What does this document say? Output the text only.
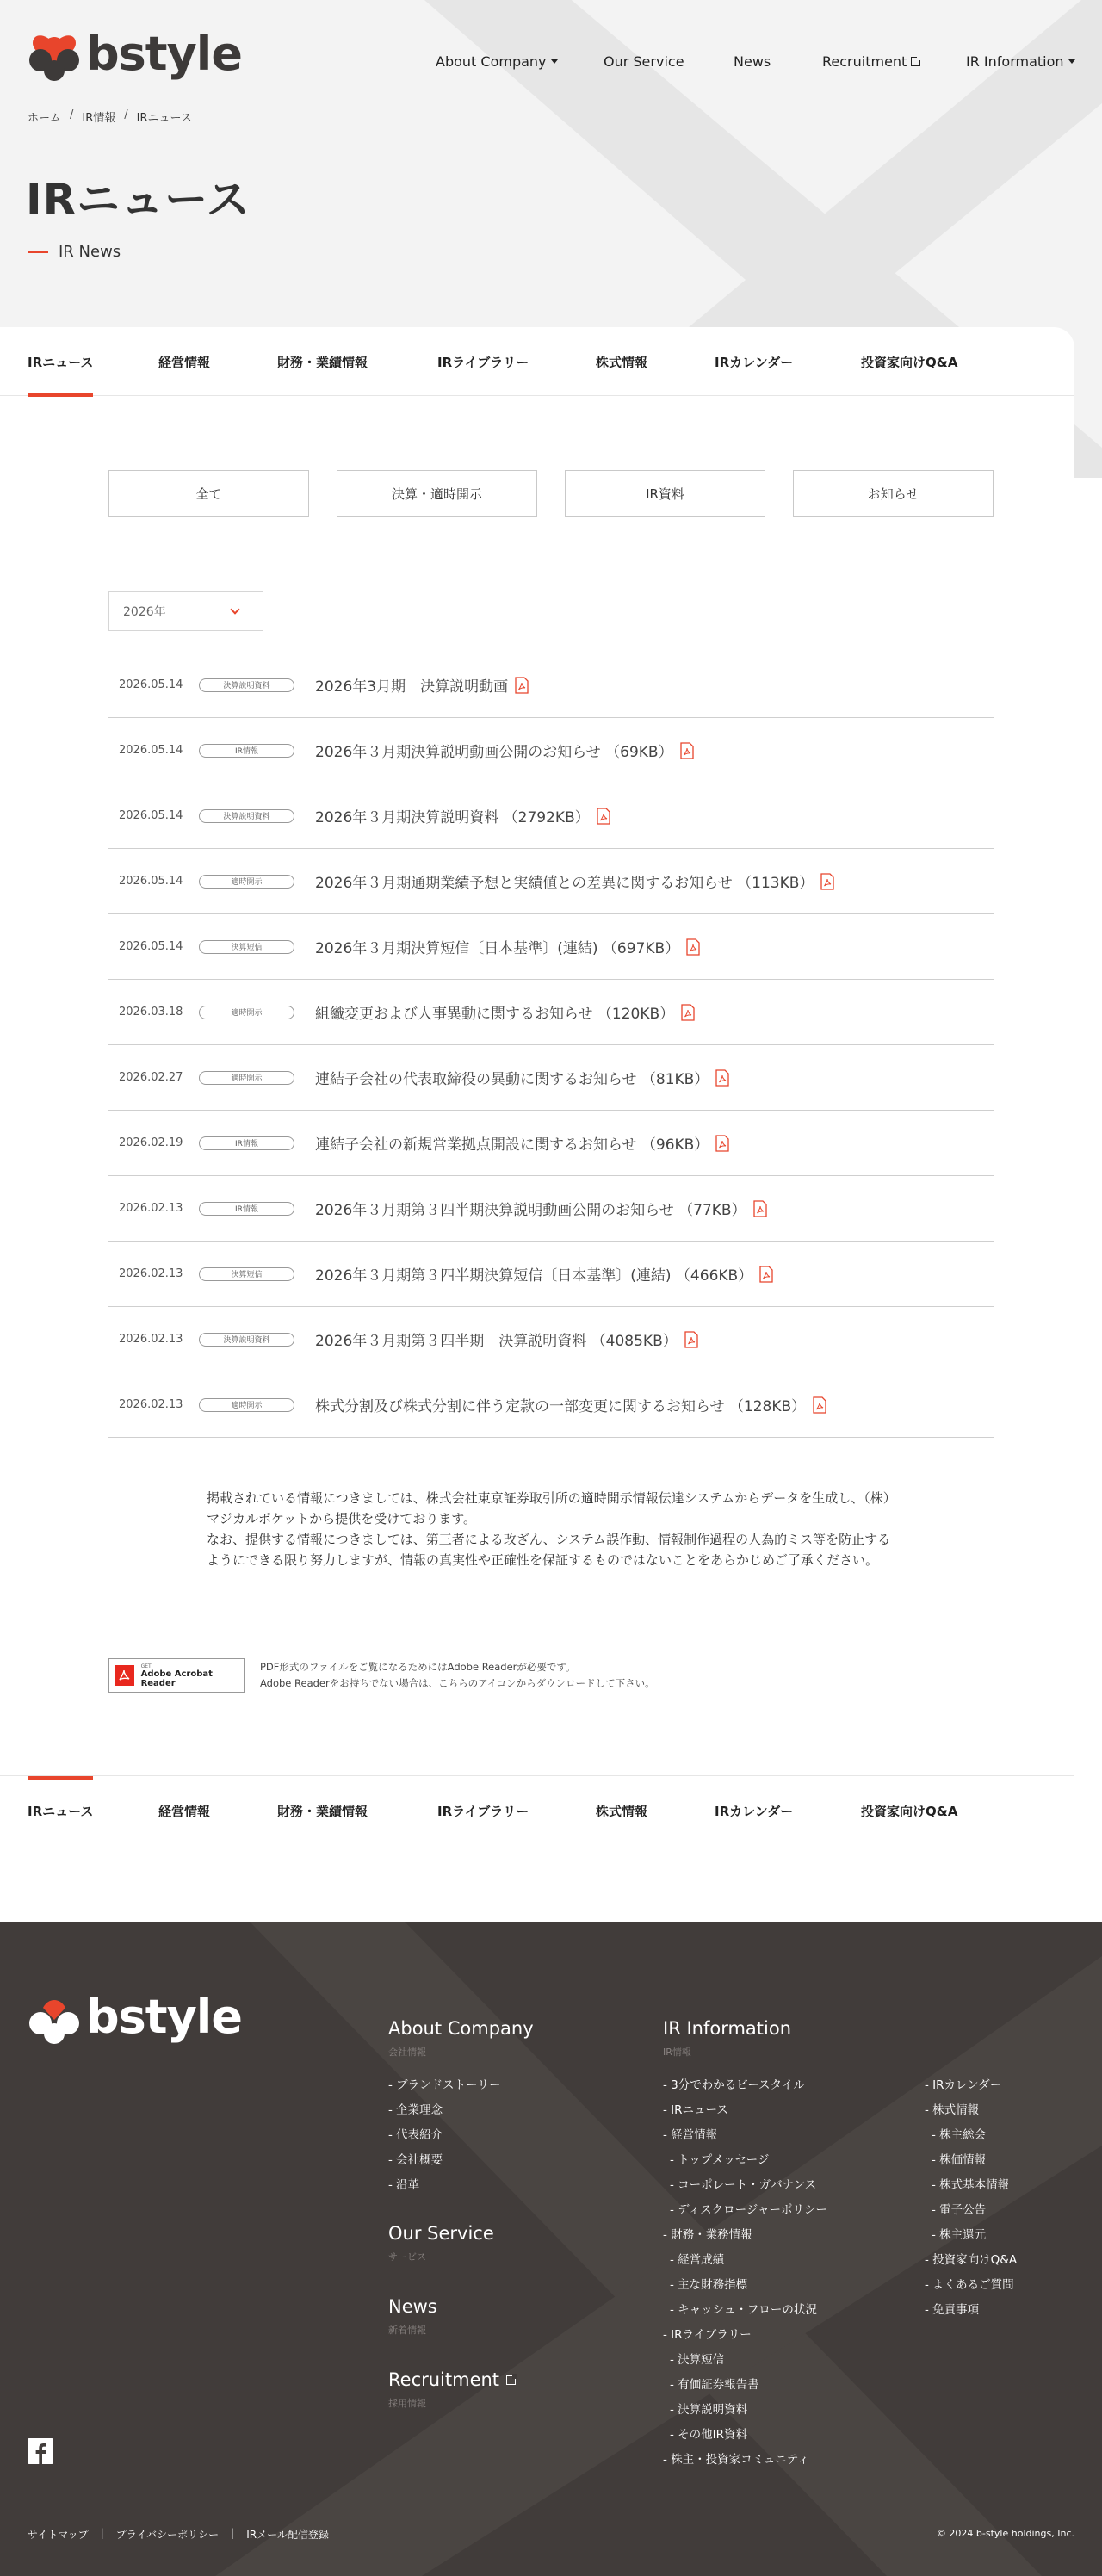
bstyle	About Company	Our Service	News	Recruitment	IR Information
ホーム / IR情報 / IRニュース
IRニュース
IR News
IRニュース	経営情報	財務・業績情報	IRライブラリー	株式情報	IRカレンダー	投資家向けQ&A
全て	決算・適時開示	IR資料	お知らせ
2026年
2026.05.14	決算説明資料	2026年3月期　決算説明動画
2026.05.14	IR情報	2026年３月期決算説明動画公開のお知らせ （69KB）
2026.05.14	決算説明資料	2026年３月期決算説明資料 （2792KB）
2026.05.14	適時開示	2026年３月期通期業績予想と実績値との差異に関するお知らせ （113KB）
2026.05.14	決算短信	2026年３月期決算短信〔日本基準〕(連結) （697KB）
2026.03.18	適時開示	組織変更および人事異動に関するお知らせ （120KB）
2026.02.27	適時開示	連結子会社の代表取締役の異動に関するお知らせ （81KB）
2026.02.19	IR情報	連結子会社の新規営業拠点開設に関するお知らせ （96KB）
2026.02.13	IR情報	2026年３月期第３四半期決算説明動画公開のお知らせ （77KB）
2026.02.13	決算短信	2026年３月期第３四半期決算短信〔日本基準〕(連結) （466KB）
2026.02.13	決算説明資料	2026年３月期第３四半期　決算説明資料 （4085KB）
2026.02.13	適時開示	株式分割及び株式分割に伴う定款の一部変更に関するお知らせ （128KB）

掲載されている情報につきましては、株式会社東京証券取引所の適時開示情報伝達システムからデータを生成し、（株）マジカルポケットから提供を受けております。

なお、提供する情報につきましては、第三者による改ざん、システム誤作動、情報制作過程の人為的ミス等を防止するようにできる限り努力しますが、情報の真実性や正確性を保証するものではないことをあらかじめご了承ください。

GET
Adobe Acrobat Reader
PDF形式のファイルをご覧になるためにはAdobe Readerが必要です。
Adobe Readerをお持ちでない場合は、こちらのアイコンからダウンロードして下さい。
IRニュース	経営情報	財務・業績情報	IRライブラリー	株式情報	IRカレンダー	投資家向けQ&A
bstyle	About Company
会社情報
- ブランドストーリー
- 企業理念
- 代表紹介
- 会社概要
- 沿革
Our Service
サービス
News
新着情報
Recruitment
採用情報
IR Information
IR情報
- 3分でわかるビースタイル
- IRニュース
- 経営情報
- トップメッセージ
- コーポレート・ガバナンス
- ディスクロージャーポリシー
- 財務・業務情報
- 経営成績
- 主な財務指標
- キャッシュ・フローの状況
- IRライブラリー
- 決算短信
- 有価証券報告書
- 決算説明資料
- その他IR資料
- 株主・投資家コミュニティ
- IRカレンダー
- 株式情報
- 株主総会
- 株価情報
- 株式基本情報
- 電子公告
- 株主還元
- 投資家向けQ&A
- よくあるご質問
- 免責事項
サイトマップ | プライバシーポリシー | IRメール配信登録	© 2024 b-style holdings, Inc.
